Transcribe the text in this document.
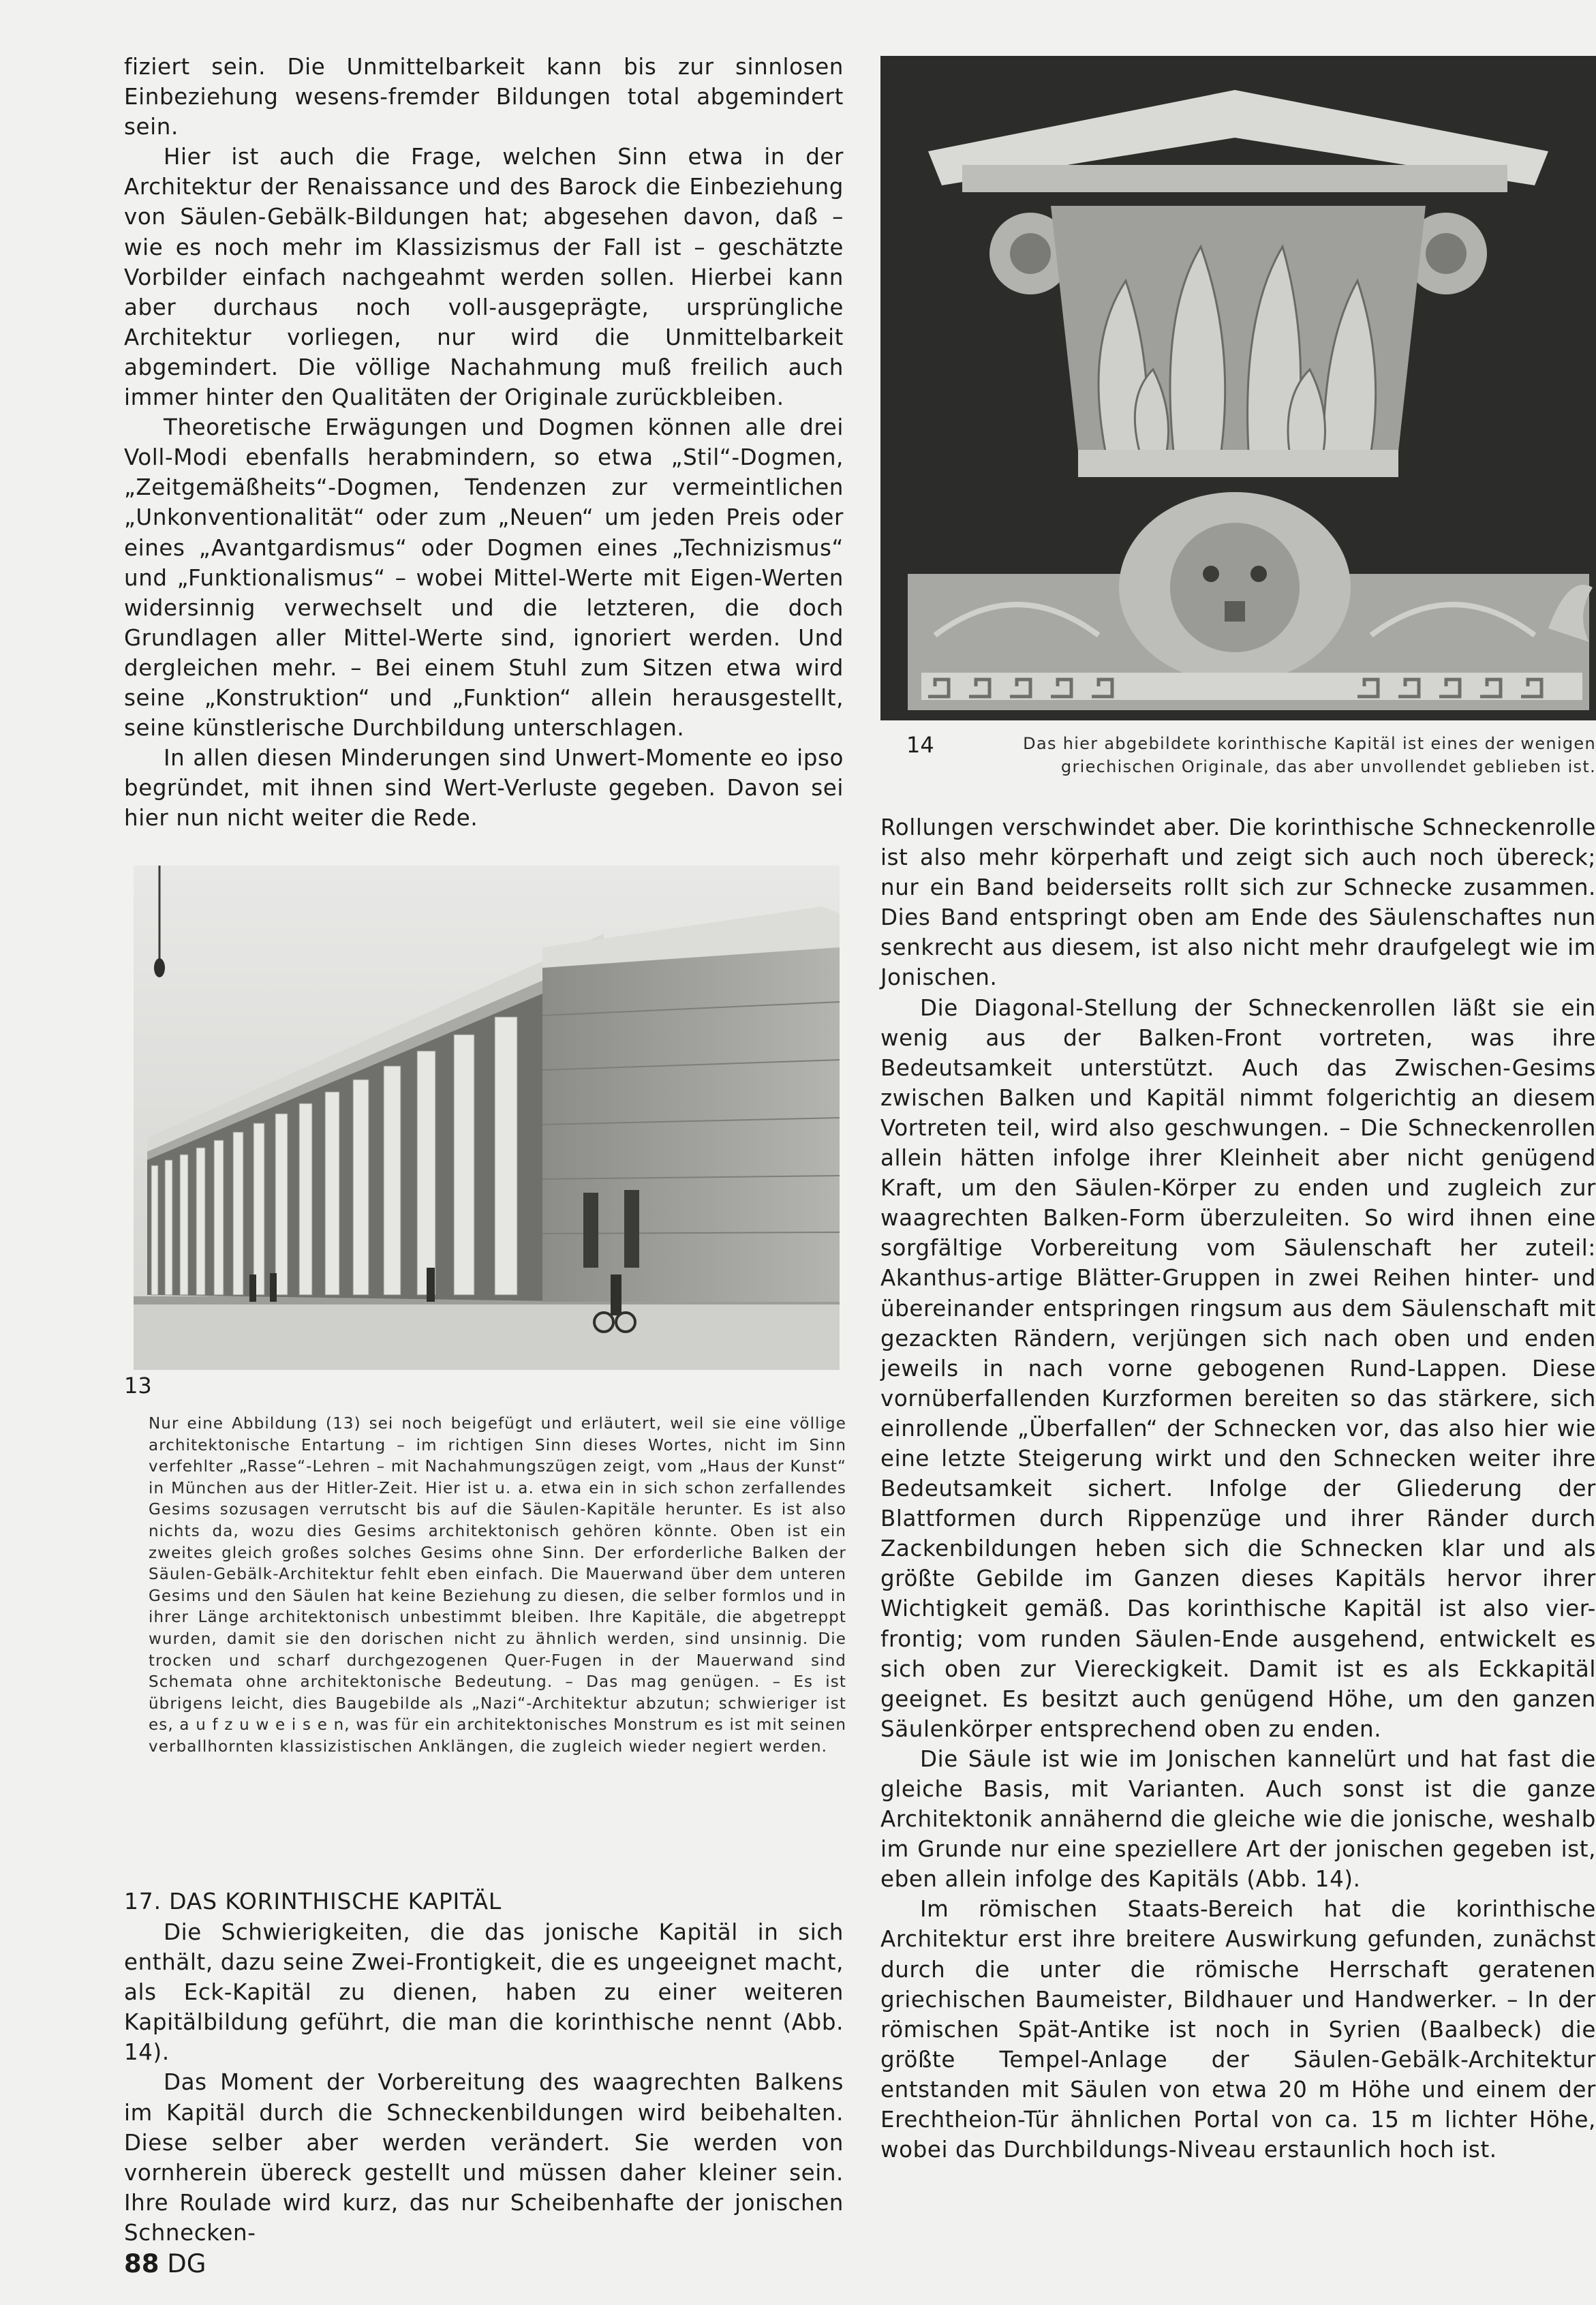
fiziert sein. Die Unmittelbarkeit kann bis zur sinnlosen Einbeziehung wesens-fremder Bildungen total abgemindert sein.

Hier ist auch die Frage, welchen Sinn etwa in der Architektur der Renaissance und des Barock die Einbeziehung von Säulen-Gebälk-Bildungen hat; abgesehen davon, daß – wie es noch mehr im Klassizismus der Fall ist – geschätzte Vorbilder einfach nachgeahmt werden sollen. Hierbei kann aber durchaus noch voll-ausgeprägte, ursprüngliche Architektur vorliegen, nur wird die Unmittelbarkeit abgemindert. Die völlige Nachahmung muß freilich auch immer hinter den Qualitäten der Originale zurückbleiben.

Theoretische Erwägungen und Dogmen können alle drei Voll-Modi ebenfalls herabmindern, so etwa „Stil“-Dogmen, „Zeitgemäßheits“-Dogmen, Tendenzen zur vermeintlichen „Unkonventionalität“ oder zum „Neuen“ um jeden Preis oder eines „Avantgardismus“ oder Dogmen eines „Technizismus“ und „Funktionalismus“ – wobei Mittel-Werte mit Eigen-Werten widersinnig verwechselt und die letzteren, die doch Grundlagen aller Mittel-Werte sind, ignoriert werden. Und dergleichen mehr. – Bei einem Stuhl zum Sitzen etwa wird seine „Konstruktion“ und „Funktion“ allein herausgestellt, seine künstlerische Durchbildung unterschlagen.

In allen diesen Minderungen sind Unwert-Momente eo ipso begründet, mit ihnen sind Wert-Verluste gegeben. Davon sei hier nun nicht weiter die Rede.

13

Nur eine Abbildung (13) sei noch beigefügt und erläutert, weil sie eine völlige architektonische Entartung – im richtigen Sinn dieses Wortes, nicht im Sinn verfehlter „Rasse“-Lehren – mit Nachahmungszügen zeigt, vom „Haus der Kunst“ in München aus der Hitler-Zeit. Hier ist u. a. etwa ein in sich schon zerfallendes Gesims sozusagen verrutscht bis auf die Säulen-Kapitäle herunter. Es ist also nichts da, wozu dies Gesims architektonisch gehören könnte. Oben ist ein zweites gleich großes solches Gesims ohne Sinn. Der erforderliche Balken der Säulen-Gebälk-Architektur fehlt eben einfach. Die Mauerwand über dem unteren Gesims und den Säulen hat keine Beziehung zu diesen, die selber formlos und in ihrer Länge architektonisch unbestimmt bleiben. Ihre Kapitäle, die abgetreppt wurden, damit sie den dorischen nicht zu ähnlich werden, sind unsinnig. Die trocken und scharf durchgezogenen Quer-Fugen in der Mauerwand sind Schemata ohne architektonische Bedeutung. – Das mag genügen. – Es ist übrigens leicht, dies Baugebilde als „Nazi“-Architektur abzutun; schwieriger ist es, a u f z u w e i s e n, was für ein architektonisches Monstrum es ist mit seinen verballhornten klassizistischen Anklängen, die zugleich wieder negiert werden.

17. DAS KORINTHISCHE KAPITÄL

Die Schwierigkeiten, die das jonische Kapitäl in sich enthält, dazu seine Zwei-Frontigkeit, die es ungeeignet macht, als Eck-Kapitäl zu dienen, haben zu einer weiteren Kapitälbildung geführt, die man die korinthische nennt (Abb. 14).

Das Moment der Vorbereitung des waagrechten Balkens im Kapitäl durch die Schneckenbildungen wird beibehalten. Diese selber aber werden verändert. Sie werden von vornherein übereck gestellt und müssen daher kleiner sein. Ihre Roulade wird kurz, das nur Scheibenhafte der jonischen Schnecken-

14	Das hier abgebildete korinthische Kapitäl ist eines der wenigen griechischen Originale, das aber unvollendet geblieben ist.

Rollungen verschwindet aber. Die korinthische Schneckenrolle ist also mehr körperhaft und zeigt sich auch noch übereck; nur ein Band beiderseits rollt sich zur Schnecke zusammen. Dies Band entspringt oben am Ende des Säulenschaftes nun senkrecht aus diesem, ist also nicht mehr draufgelegt wie im Jonischen.

Die Diagonal-Stellung der Schneckenrollen läßt sie ein wenig aus der Balken-Front vortreten, was ihre Bedeutsamkeit unterstützt. Auch das Zwischen-Gesims zwischen Balken und Kapitäl nimmt folgerichtig an diesem Vortreten teil, wird also geschwungen. – Die Schneckenrollen allein hätten infolge ihrer Kleinheit aber nicht genügend Kraft, um den Säulen-Körper zu enden und zugleich zur waagrechten Balken-Form überzuleiten. So wird ihnen eine sorgfältige Vorbereitung vom Säulenschaft her zuteil: Akanthus-artige Blätter-Gruppen in zwei Reihen hinter- und übereinander entspringen ringsum aus dem Säulenschaft mit gezackten Rändern, verjüngen sich nach oben und enden jeweils in nach vorne gebogenen Rund-Lappen. Diese vornüberfallenden Kurzformen bereiten so das stärkere, sich einrollende „Überfallen“ der Schnecken vor, das also hier wie eine letzte Steigerung wirkt und den Schnecken weiter ihre Bedeutsamkeit sichert. Infolge der Gliederung der Blattformen durch Rippenzüge und ihrer Ränder durch Zackenbildungen heben sich die Schnecken klar und als größte Gebilde im Ganzen dieses Kapitäls hervor ihrer Wichtigkeit gemäß. Das korinthische Kapitäl ist also vier-frontig; vom runden Säulen-Ende ausgehend, entwickelt es sich oben zur Viereckigkeit. Damit ist es als Eckkapitäl geeignet. Es besitzt auch genügend Höhe, um den ganzen Säulenkörper entsprechend oben zu enden.

Die Säule ist wie im Jonischen kannelürt und hat fast die gleiche Basis, mit Varianten. Auch sonst ist die ganze Architektonik annähernd die gleiche wie die jonische, weshalb im Grunde nur eine speziellere Art der jonischen gegeben ist, eben allein infolge des Kapitäls (Abb. 14).

Im römischen Staats-Bereich hat die korinthische Architektur erst ihre breitere Auswirkung gefunden, zunächst durch die unter die römische Herrschaft geratenen griechischen Baumeister, Bildhauer und Handwerker. – In der römischen Spät-Antike ist noch in Syrien (Baalbeck) die größte Tempel-Anlage der Säulen-Gebälk-Architektur entstanden mit Säulen von etwa 20 m Höhe und einem der Erechtheion-Tür ähnlichen Portal von ca. 15 m lichter Höhe, wobei das Durchbildungs-Niveau erstaunlich hoch ist.

88 DG
